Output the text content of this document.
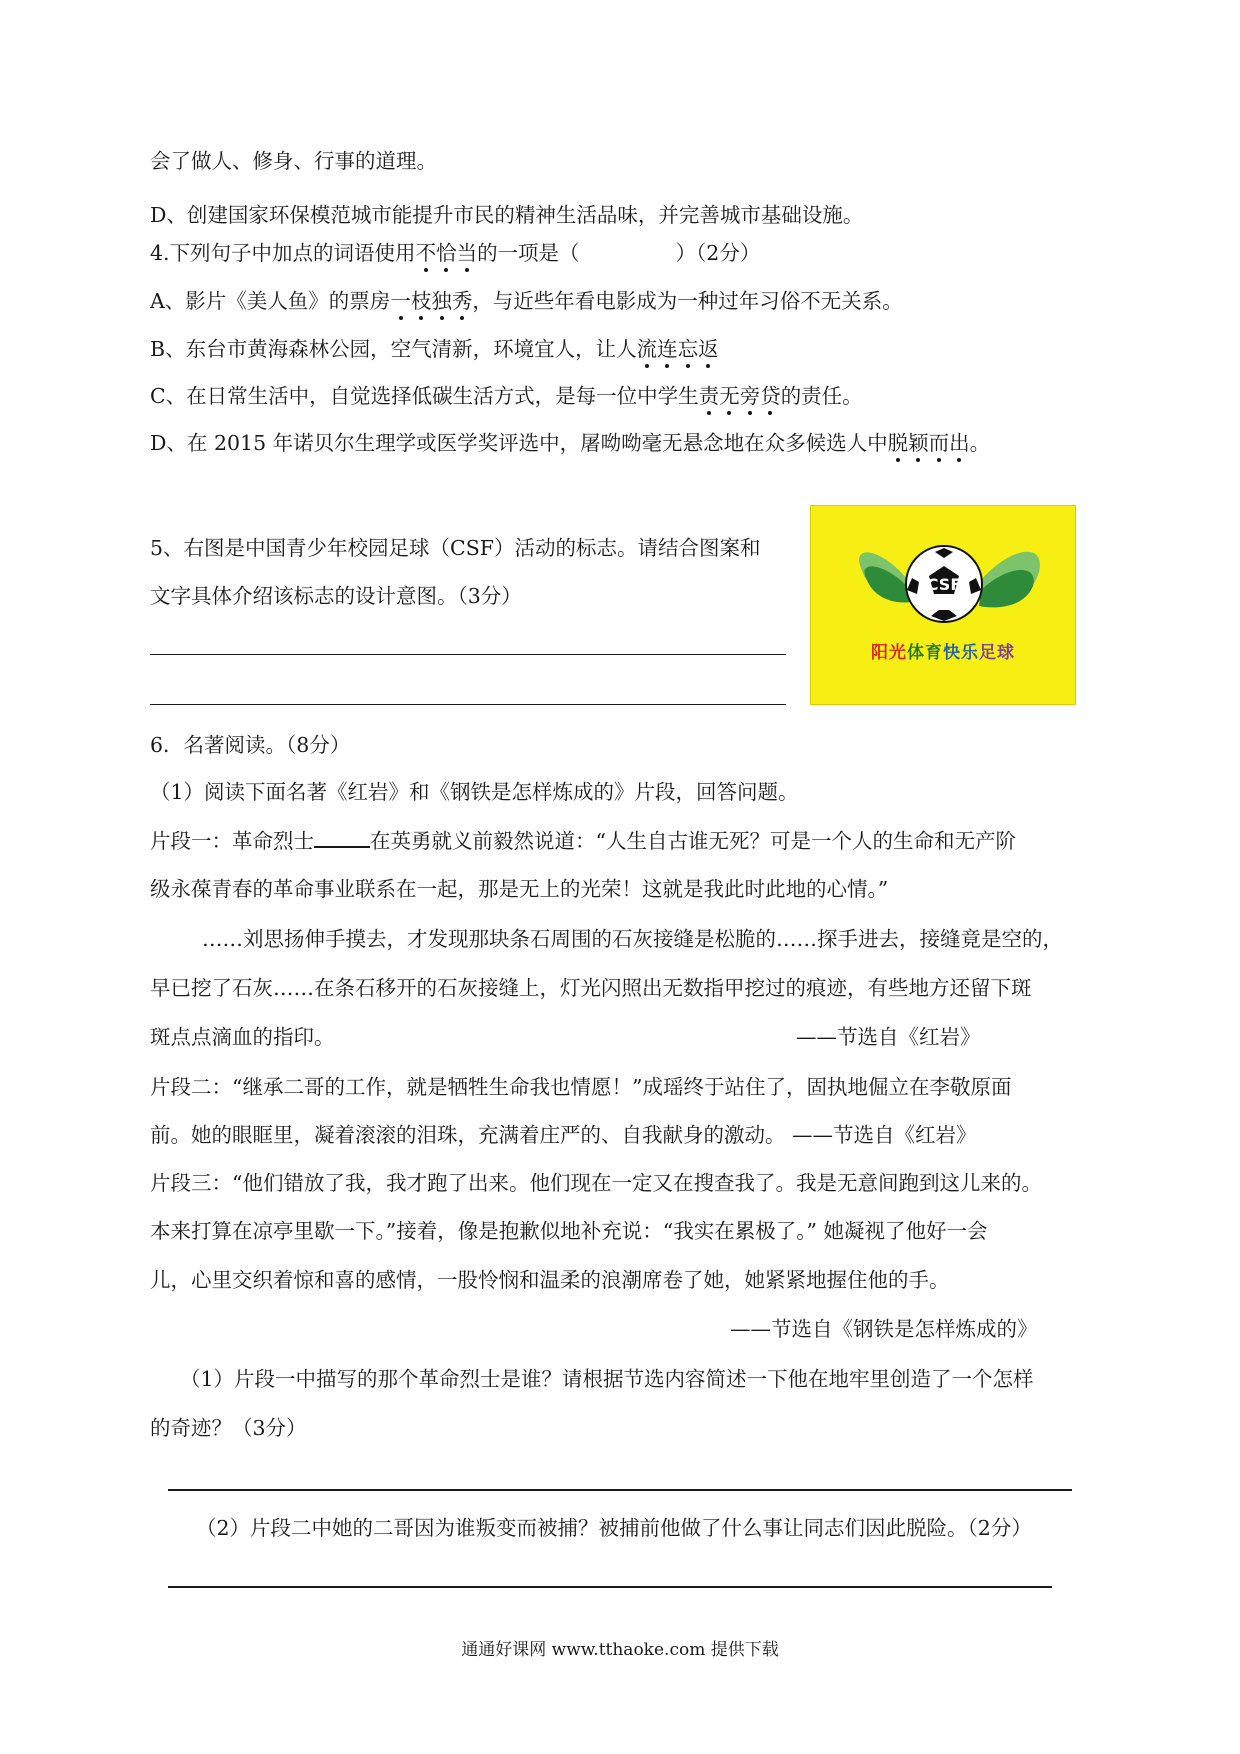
会了做人、修身、行事的道理。
D、创建国家环保模范城市能提升市民的精神生活品味，并完善城市基础设施。
4.下列句子中加点的词语使用不恰当的一项是（	）（2分）
A、影片《美人鱼》的票房一枝独秀，与近些年看电影成为一种过年习俗不无关系。
B、东台市黄海森林公园，空气清新，环境宜人，让人流连忘返
C、在日常生活中，自觉选择低碳生活方式，是每一位中学生责无旁贷的责任。
D、在 2015 年诺贝尔生理学或医学奖评选中，屠呦呦毫无悬念地在众多候选人中脱颖而出。
5、右图是中国青少年校园足球（CSF）活动的标志。请结合图案和
文字具体介绍该标志的设计意图。（3分）	CSF
阳光体育快乐足球
6．名著阅读。（8分）
（1）阅读下面名著《红岩》和《钢铁是怎样炼成的》片段，回答问题。
片段一：革命烈士	在英勇就义前毅然说道：“人生自古谁无死？可是一个人的生命和无产阶
级永葆青春的革命事业联系在一起，那是无上的光荣！这就是我此时此地的心情。”
……刘思扬伸手摸去，才发现那块条石周围的石灰接缝是松脆的……探手进去，接缝竟是空的，
早已挖了石灰……在条石移开的石灰接缝上，灯光闪照出无数指甲挖过的痕迹，有些地方还留下斑
斑点点滴血的指印。	——节选自《红岩》
片段二：“继承二哥的工作，就是牺牲生命我也情愿！”成瑶终于站住了，固执地倔立在李敬原面
前。她的眼眶里，凝着滚滚的泪珠，充满着庄严的、自我献身的激动。 ——节选自《红岩》
片段三：“他们错放了我，我才跑了出来。他们现在一定又在搜查我了。我是无意间跑到这儿来的。
本来打算在凉亭里歇一下。”接着，像是抱歉似地补充说：“我实在累极了。” 她凝视了他好一会
儿，心里交织着惊和喜的感情，一股怜悯和温柔的浪潮席卷了她，她紧紧地握住他的手。
——节选自《钢铁是怎样炼成的》
（1）片段一中描写的那个革命烈士是谁？请根据节选内容简述一下他在地牢里创造了一个怎样
的奇迹？（3分）
（2）片段二中她的二哥因为谁叛变而被捕？被捕前他做了什么事让同志们因此脱险。（2分）
通通好课网 www.tthaoke.com 提供下载
